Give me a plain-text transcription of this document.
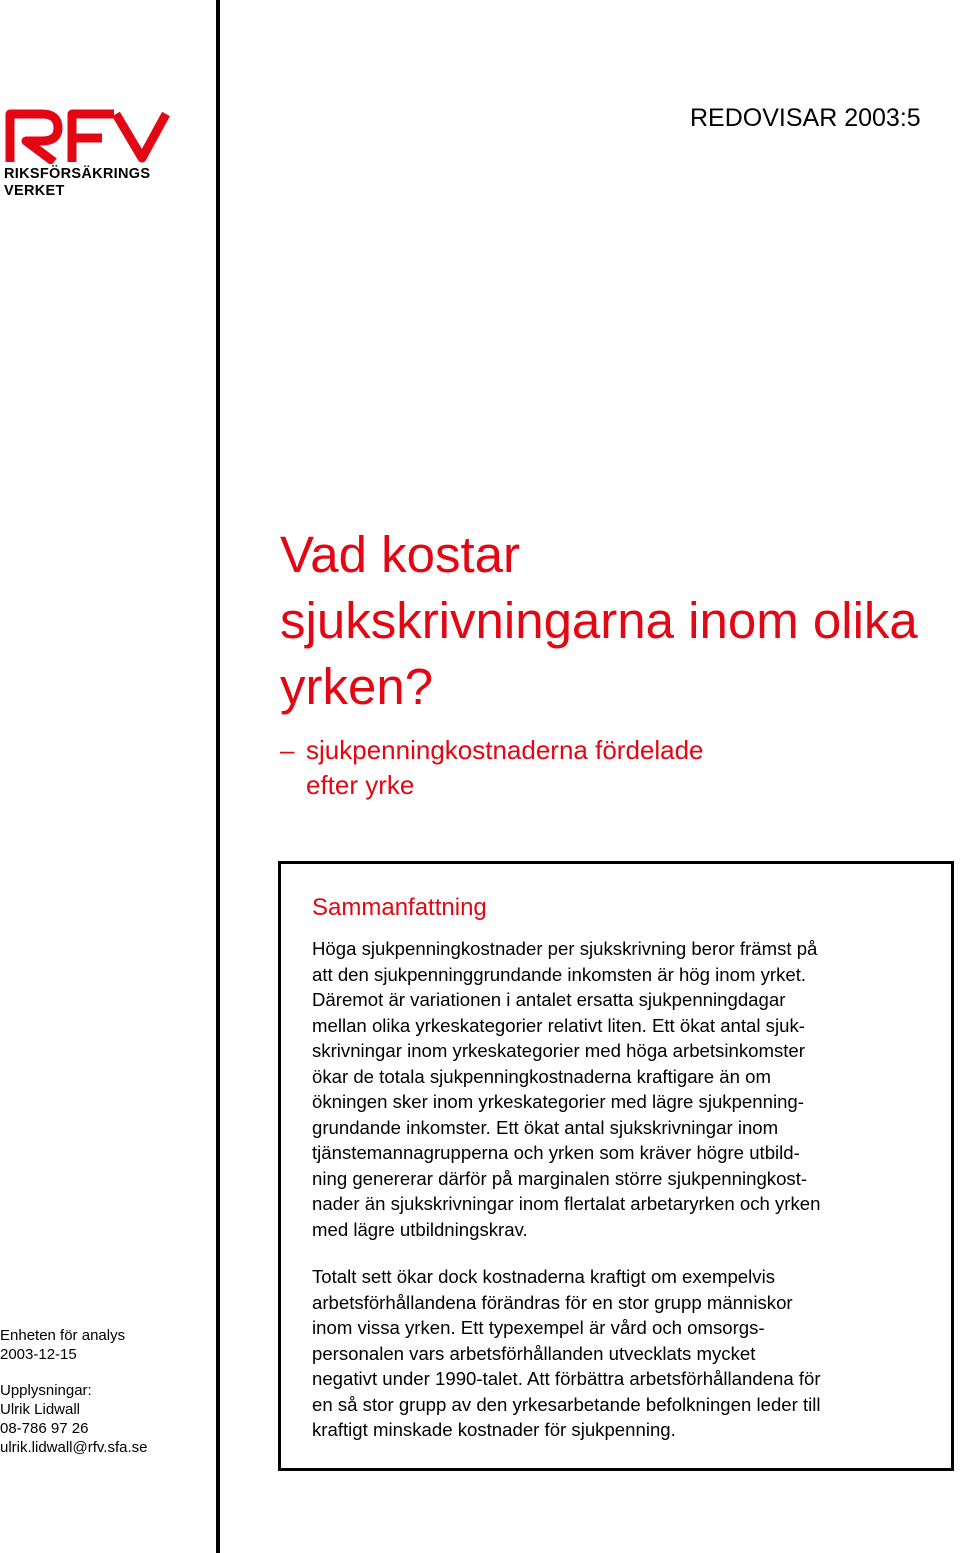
RIKSFÖRSÄKRINGS
VERKET
REDOVISAR 2003:5
Vad kostar sjukskrivningarna inom olika yrken?
– sjukpenningkostnaderna fördelade
efter yrke
Sammanfattning

Höga sjukpenningkostnader per sjukskrivning beror främst på
att den sjukpenninggrundande inkomsten är hög inom yrket.
Däremot är variationen i antalet ersatta sjukpenningdagar
mellan olika yrkeskategorier relativt liten. Ett ökat antal sjuk-
skrivningar inom yrkeskategorier med höga arbetsinkomster
ökar de totala sjukpenningkostnaderna kraftigare än om
ökningen sker inom yrkeskategorier med lägre sjukpenning-
grundande inkomster. Ett ökat antal sjukskrivningar inom
tjänstemannagrupperna och yrken som kräver högre utbild-
ning genererar därför på marginalen större sjukpenningkost-
nader än sjukskrivningar inom flertalat arbetaryrken och yrken
med lägre utbildningskrav.

Totalt sett ökar dock kostnaderna kraftigt om exempelvis
arbetsförhållandena förändras för en stor grupp människor
inom vissa yrken. Ett typexempel är vård och omsorgs-
personalen vars arbetsförhållanden utvecklats mycket
negativt under 1990-talet. Att förbättra arbetsförhållandena för
en så stor grupp av den yrkesarbetande befolkningen leder till
kraftigt minskade kostnader för sjukpenning.

Enheten för analys
2003-12-15
Upplysningar:
Ulrik Lidwall
08-786 97 26
ulrik.lidwall@rfv.sfa.se
